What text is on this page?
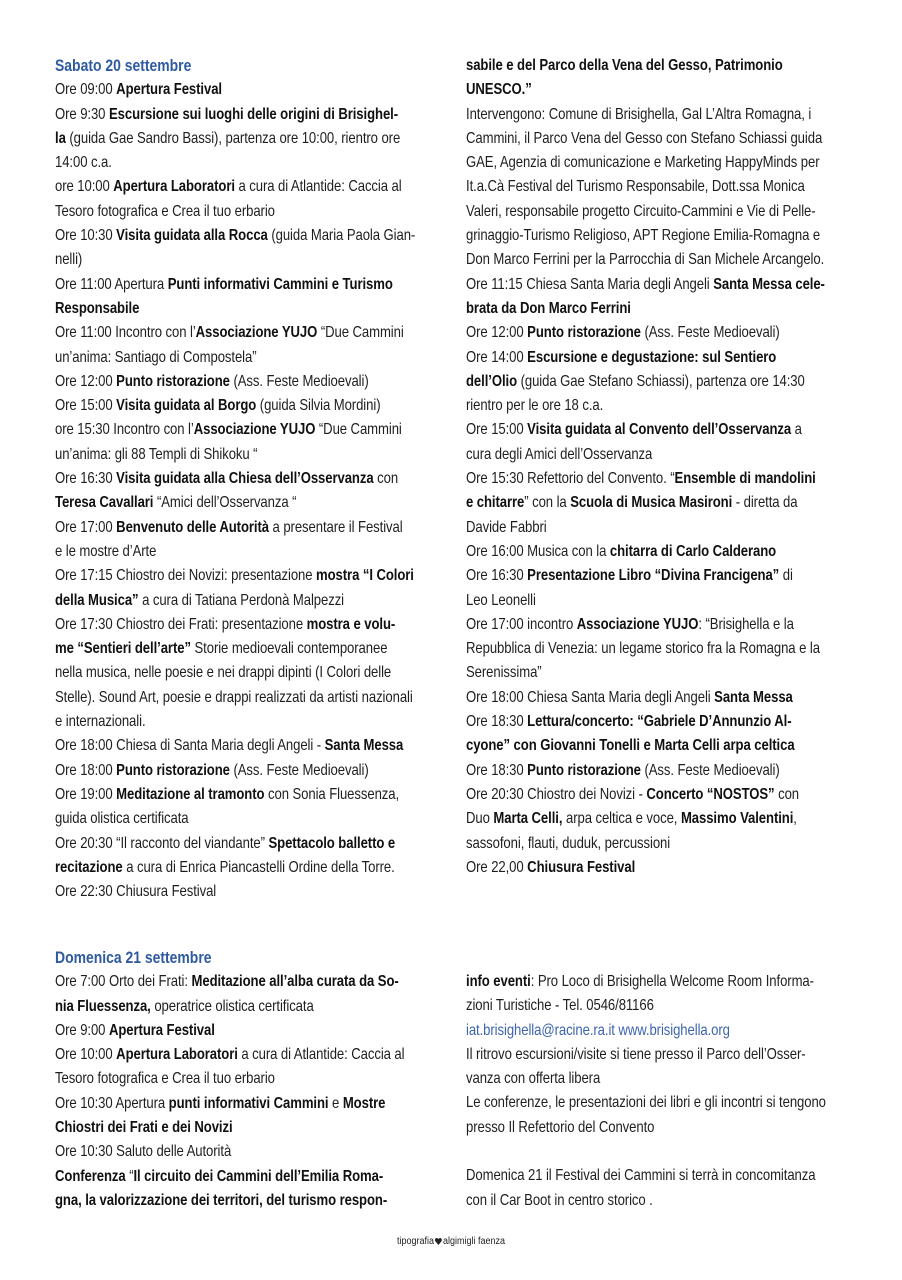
Sabato 20 settembre
Ore 09:00 Apertura Festival
Ore 9:30 Escursione sui luoghi delle origini di Brisighel-
la (guida Gae Sandro Bassi), partenza ore 10:00, rientro ore
14:00 c.a.
ore 10:00 Apertura Laboratori a cura di Atlantide: Caccia al
Tesoro fotografica e Crea il tuo erbario
Ore 10:30 Visita guidata alla Rocca (guida Maria Paola Gian-
nelli)
Ore 11:00 Apertura Punti informativi Cammini e Turismo
Responsabile
Ore 11:00 Incontro con l’Associazione YUJO “Due Cammini
un’anima: Santiago di Compostela”
Ore 12:00 Punto ristorazione (Ass. Feste Medioevali)
Ore 15:00 Visita guidata al Borgo (guida Silvia Mordini)
ore 15:30 Incontro con l’Associazione YUJO “Due Cammini
un’anima: gli 88 Templi di Shikoku “
Ore 16:30 Visita guidata alla Chiesa dell’Osservanza con
Teresa Cavallari “Amici dell’Osservanza “
Ore 17:00 Benvenuto delle Autorità a presentare il Festival
e le mostre d’Arte
Ore 17:15 Chiostro dei Novizi: presentazione mostra “I Colori
della Musica” a cura di Tatiana Perdonà Malpezzi
Ore 17:30 Chiostro dei Frati: presentazione mostra e volu-
me “Sentieri dell’arte” Storie medioevali contemporanee
nella musica, nelle poesie e nei drappi dipinti (I Colori delle
Stelle). Sound Art, poesie e drappi realizzati da artisti nazionali
e internazionali.
Ore 18:00 Chiesa di Santa Maria degli Angeli - Santa Messa
Ore 18:00 Punto ristorazione (Ass. Feste Medioevali)
Ore 19:00 Meditazione al tramonto con Sonia Fluessenza,
guida olistica certificata
Ore 20:30 “Il racconto del viandante” Spettacolo balletto e
recitazione a cura di Enrica Piancastelli Ordine della Torre.
Ore 22:30 Chiusura Festival
sabile e del Parco della Vena del Gesso, Patrimonio
UNESCO.”
Intervengono: Comune di Brisighella, Gal L’Altra Romagna, i
Cammini, il Parco Vena del Gesso con Stefano Schiassi guida
GAE, Agenzia di comunicazione e Marketing HappyMinds per
It.a.Cà Festival del Turismo Responsabile, Dott.ssa Monica
Valeri, responsabile progetto Circuito-Cammini e Vie di Pelle-
grinaggio-Turismo Religioso, APT Regione Emilia-Romagna e
Don Marco Ferrini per la Parrocchia di San Michele Arcangelo.
Ore 11:15 Chiesa Santa Maria degli Angeli Santa Messa cele-
brata da Don Marco Ferrini
Ore 12:00 Punto ristorazione (Ass. Feste Medioevali)
Ore 14:00 Escursione e degustazione: sul Sentiero
dell’Olio (guida Gae Stefano Schiassi), partenza ore 14:30
rientro per le ore 18 c.a.
Ore 15:00 Visita guidata al Convento dell’Osservanza a
cura degli Amici dell’Osservanza
Ore 15:30 Refettorio del Convento. “Ensemble di mandolini
e chitarre” con la Scuola di Musica Masironi - diretta da
Davide Fabbri
Ore 16:00 Musica con la chitarra di Carlo Calderano
Ore 16:30 Presentazione Libro “Divina Francigena” di
Leo Leonelli
Ore 17:00 incontro Associazione YUJO: “Brisighella e la
Repubblica di Venezia: un legame storico fra la Romagna e la
Serenissima”
Ore 18:00 Chiesa Santa Maria degli Angeli Santa Messa
Ore 18:30 Lettura/concerto: “Gabriele D’Annunzio Al-
cyone” con Giovanni Tonelli e Marta Celli arpa celtica
Ore 18:30 Punto ristorazione (Ass. Feste Medioevali)
Ore 20:30 Chiostro dei Novizi - Concerto “NOSTOS” con
Duo Marta Celli, arpa celtica e voce, Massimo Valentini,
sassofoni, flauti, duduk, percussioni
Ore 22,00 Chiusura Festival
Domenica 21 settembre
Ore 7:00 Orto dei Frati: Meditazione all’alba curata da So-
nia Fluessenza, operatrice olistica certificata
Ore 9:00 Apertura Festival
Ore 10:00 Apertura Laboratori a cura di Atlantide: Caccia al
Tesoro fotografica e Crea il tuo erbario
Ore 10:30 Apertura punti informativi Cammini e Mostre
Chiostri dei Frati e dei Novizi
Ore 10:30 Saluto delle Autorità
Conferenza “Il circuito dei Cammini dell’Emilia Roma-
gna, la valorizzazione dei territori, del turismo respon-
info eventi: Pro Loco di Brisighella Welcome Room Informa-
zioni Turistiche - Tel. 0546/81166
iat.brisighella@racine.ra.it www.brisighella.org
Il ritrovo escursioni/visite si tiene presso il Parco dell’Osser-
vanza con offerta libera
Le conferenze, le presentazioni dei libri e gli incontri si tengono
presso Il Refettorio del Convento
Domenica 21 il Festival dei Cammini si terrà in concomitanza
con il Car Boot in centro storico .
tipografia algimigli faenza
